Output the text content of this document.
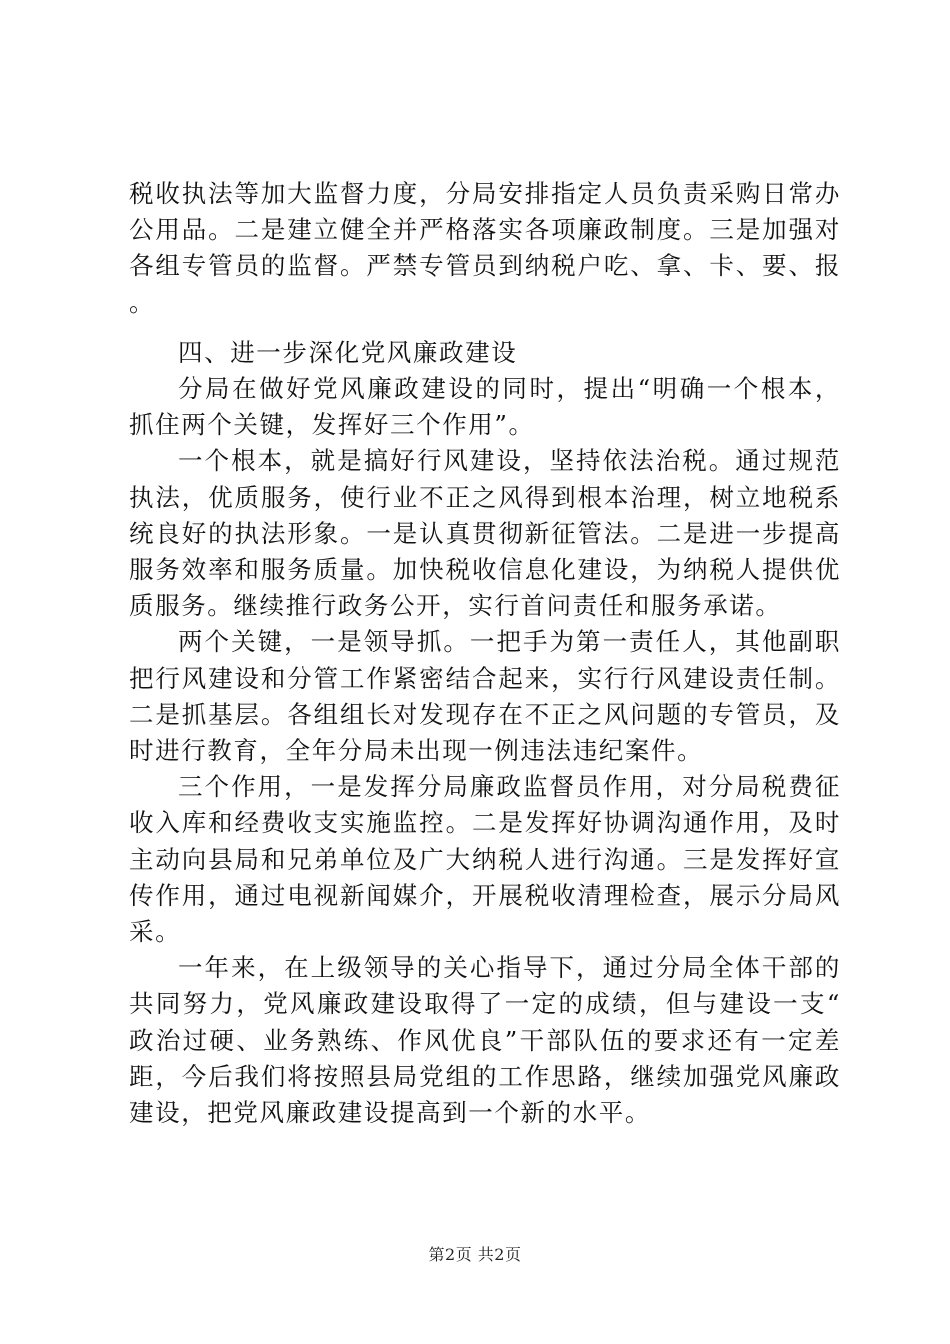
税收执法等加大监督力度，分局安排指定人员负责采购日常办公用品。二是建立健全并严格落实各项廉政制度。三是加强对各组专管员的监督。严禁专管员到纳税户吃、拿、卡、要、报。

四、进一步深化党风廉政建设

分局在做好党风廉政建设的同时，提出“明确一个根本，抓住两个关键，发挥好三个作用”。

一个根本，就是搞好行风建设，坚持依法治税。通过规范执法，优质服务，使行业不正之风得到根本治理，树立地税系统良好的执法形象。一是认真贯彻新征管法。二是进一步提高服务效率和服务质量。加快税收信息化建设，为纳税人提供优质服务。继续推行政务公开，实行首问责任和服务承诺。

两个关键，一是领导抓。一把手为第一责任人，其他副职把行风建设和分管工作紧密结合起来，实行行风建设责任制。二是抓基层。各组组长对发现存在不正之风问题的专管员，及时进行教育，全年分局未出现一例违法违纪案件。

三个作用，一是发挥分局廉政监督员作用，对分局税费征收入库和经费收支实施监控。二是发挥好协调沟通作用，及时主动向县局和兄弟单位及广大纳税人进行沟通。三是发挥好宣传作用，通过电视新闻媒介，开展税收清理检查，展示分局风采。

一年来，在上级领导的关心指导下，通过分局全体干部的共同努力，党风廉政建设取得了一定的成绩，但与建设一支“政治过硬、业务熟练、作风优良”干部队伍的要求还有一定差距，今后我们将按照县局党组的工作思路，继续加强党风廉政建设，把党风廉政建设提高到一个新的水平。

第2页 共2页
